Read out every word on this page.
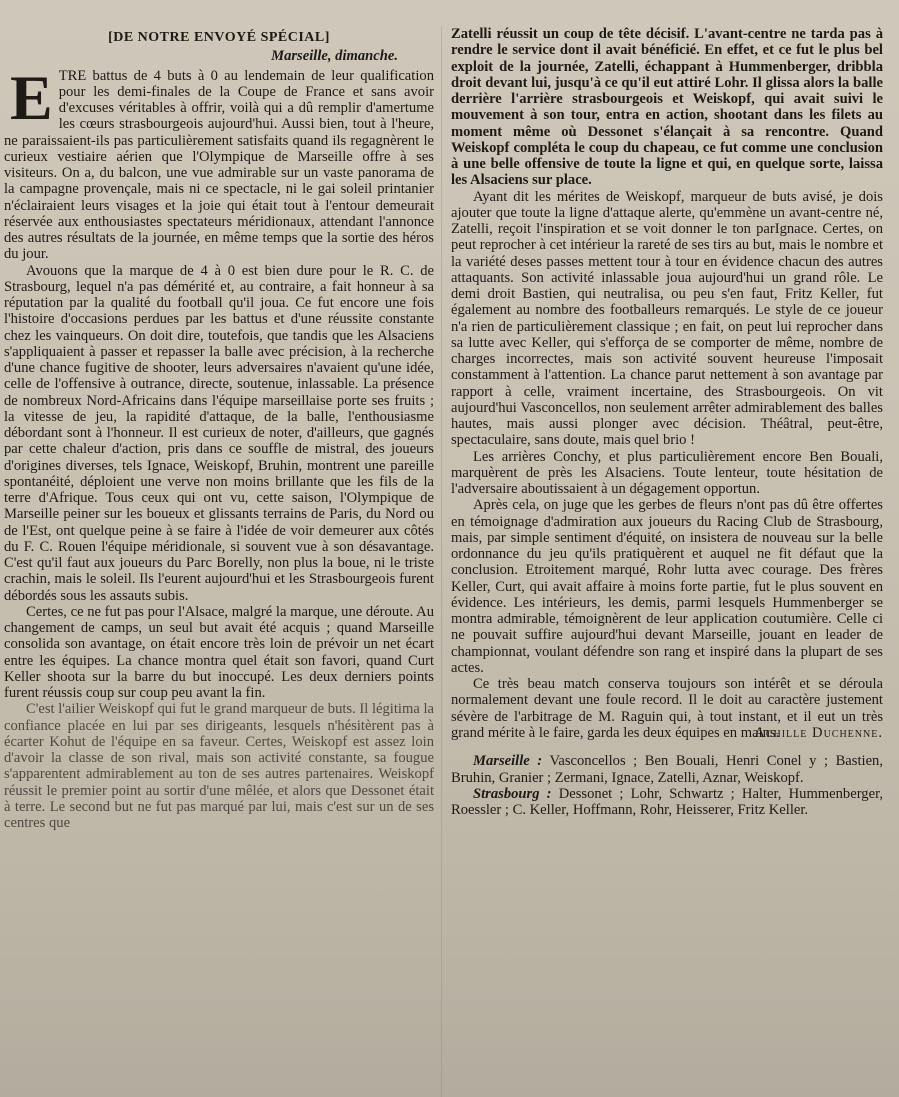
[DE NOTRE ENVOYÉ SPÉCIAL]
Marseille, dimanche.

ETRE battus de 4 buts à 0 au lendemain de leur qualification pour les demi-finales de la Coupe de France et sans avoir d'excuses véritables à offrir, voilà qui a dû remplir d'amertume les cœurs strasbourgeois aujourd'hui. Aussi bien, tout à l'heure, ne paraissaient-ils pas particulièrement satisfaits quand ils regagnèrent le curieux vestiaire aérien que l'Olympique de Marseille offre à ses visiteurs. On a, du balcon, une vue admirable sur un vaste panorama de la campagne provençale, mais ni ce spectacle, ni le gai soleil printanier n'éclairaient leurs visages et la joie qui était tout à l'entour demeurait réservée aux enthousiastes spectateurs méridionaux, attendant l'annonce des autres résultats de la journée, en même temps que la sortie des héros du jour.

Avouons que la marque de 4 à 0 est bien dure pour le R. C. de Strasbourg, lequel n'a pas démérité et, au contraire, a fait honneur à sa réputation par la qualité du football qu'il joua. Ce fut encore une fois l'histoire d'occasions perdues par les battus et d'une réussite constante chez les vainqueurs. On doit dire, toutefois, que tandis que les Alsaciens s'appliquaient à passer et repasser la balle avec précision, à la recherche d'une chance fugitive de shooter, leurs adversaires n'avaient qu'une idée, celle de l'offensive à outrance, directe, soutenue, inlassable. La présence de nombreux Nord-Africains dans l'équipe marseillaise porte ses fruits ; la vitesse de jeu, la rapidité d'attaque, de la balle, l'enthousiasme débordant sont à l'honneur. Il est curieux de noter, d'ailleurs, que gagnés par cette chaleur d'action, pris dans ce souffle de mistral, des joueurs d'origines diverses, tels Ignace, Weiskopf, Bruhin, montrent une pareille spontanéité, déploient une verve non moins brillante que les fils de la terre d'Afrique. Tous ceux qui ont vu, cette saison, l'Olympique de Marseille peiner sur les boueux et glissants terrains de Paris, du Nord ou de l'Est, ont quelque peine à se faire à l'idée de voir demeurer aux côtés du F. C. Rouen l'équipe méridionale, si souvent vue à son désavantage. C'est qu'il faut aux joueurs du Parc Borelly, non plus la boue, ni le triste crachin, mais le soleil. Ils l'eurent aujourd'hui et les Strasbourgeois furent débordés sous les assauts subis.

Certes, ce ne fut pas pour l'Alsace, malgré la marque, une déroute. Au changement de camps, un seul but avait été acquis ; quand Marseille consolida son avantage, on était encore très loin de prévoir un net écart entre les équipes. La chance montra quel était son favori, quand Curt Keller shoota sur la barre du but inoccupé. Les deux derniers points furent réussis coup sur coup peu avant la fin.

C'est l'ailier Weiskopf qui fut le grand marqueur de buts. Il légitima la confiance placée en lui par ses dirigeants, lesquels n'hésitèrent pas à écarter Kohut de l'équipe en sa faveur. Certes, Weiskopf est assez loin d'avoir la classe de son rival, mais son activité constante, sa fougue s'apparentent admirablement au ton de ses autres partenaires. Weiskopf réussit le premier point au sortir d'une mêlée, et alors que Dessonet était à terre. Le second but ne fut pas marqué par lui, mais c'est sur un de ses centres que

Zatelli réussit un coup de tête décisif. L'avant-centre ne tarda pas à rendre le service dont il avait bénéficié. En effet, et ce fut le plus bel exploit de la journée, Zatelli, échappant à Hummenberger, dribbla droit devant lui, jusqu'à ce qu'il eut attiré Lohr. Il glissa alors la balle derrière l'arrière strasbourgeois et Weiskopf, qui avait suivi le mouvement à son tour, entra en action, shootant dans les filets au moment même où Dessonet s'élançait à sa rencontre. Quand Weiskopf compléta le coup du chapeau, ce fut comme une conclusion à une belle offensive de toute la ligne et qui, en quelque sorte, laissa les Alsaciens sur place.

Ayant dit les mérites de Weiskopf, marqueur de buts avisé, je dois ajouter que toute la ligne d'attaque alerte, qu'emmène un avant-centre né, Zatelli, reçoit l'inspiration et se voit donner le ton parIgnace. Certes, on peut reprocher à cet intérieur la rareté de ses tirs au but, mais le nombre et la variété deses passes mettent tour à tour en évidence chacun des autres attaquants. Son activité inlassable joua aujourd'hui un grand rôle. Le demi droit Bastien, qui neutralisa, ou peu s'en faut, Fritz Keller, fut également au nombre des footballeurs remarqués. Le style de ce joueur n'a rien de particulièrement classique ; en fait, on peut lui reprocher dans sa lutte avec Keller, qui s'efforça de se comporter de même, nombre de charges incorrectes, mais son activité souvent heureuse l'imposait constamment à l'attention. La chance parut nettement à son avantage par rapport à celle, vraiment incertaine, des Strasbourgeois. On vit aujourd'hui Vasconcellos, non seulement arrêter admirablement des balles hautes, mais aussi plonger avec décision. Théâtral, peut-être, spectaculaire, sans doute, mais quel brio !

Les arrières Conchy, et plus particulièrement encore Ben Bouali, marquèrent de près les Alsaciens. Toute lenteur, toute hésitation de l'adversaire aboutissaient à un dégagement opportun.

Après cela, on juge que les gerbes de fleurs n'ont pas dû être offertes en témoignage d'admiration aux joueurs du Racing Club de Strasbourg, mais, par simple sentiment d'équité, on insistera de nouveau sur la belle ordonnance du jeu qu'ils pratiquèrent et auquel ne fit défaut que la conclusion. Etroitement marqué, Rohr lutta avec courage. Des frères Keller, Curt, qui avait affaire à moins forte partie, fut le plus souvent en évidence. Les intérieurs, les demis, parmi lesquels Hummenberger se montra admirable, témoignèrent de leur application coutumière. Celle ci ne pouvait suffire aujourd'hui devant Marseille, jouant en leader de championnat, voulant défendre son rang et inspiré dans la plupart de ses actes.

Ce très beau match conserva toujours son intérêt et se déroula normalement devant une foule record. Il le doit au caractère justement sévère de l'arbitrage de M. Raguin qui, à tout instant, et il eut un très grand mérite à le faire, garda les deux équipes en mains.

Achille Duchenne.

Marseille : Vasconcellos ; Ben Bouali, Henri Conel y ; Bastien, Bruhin, Granier ; Zermani, Ignace, Zatelli, Aznar, Weiskopf.

Strasbourg : Dessonet ; Lohr, Schwartz ; Halter, Hummenberger, Roessler ; C. Keller, Hoffmann, Rohr, Heisserer, Fritz Keller.
